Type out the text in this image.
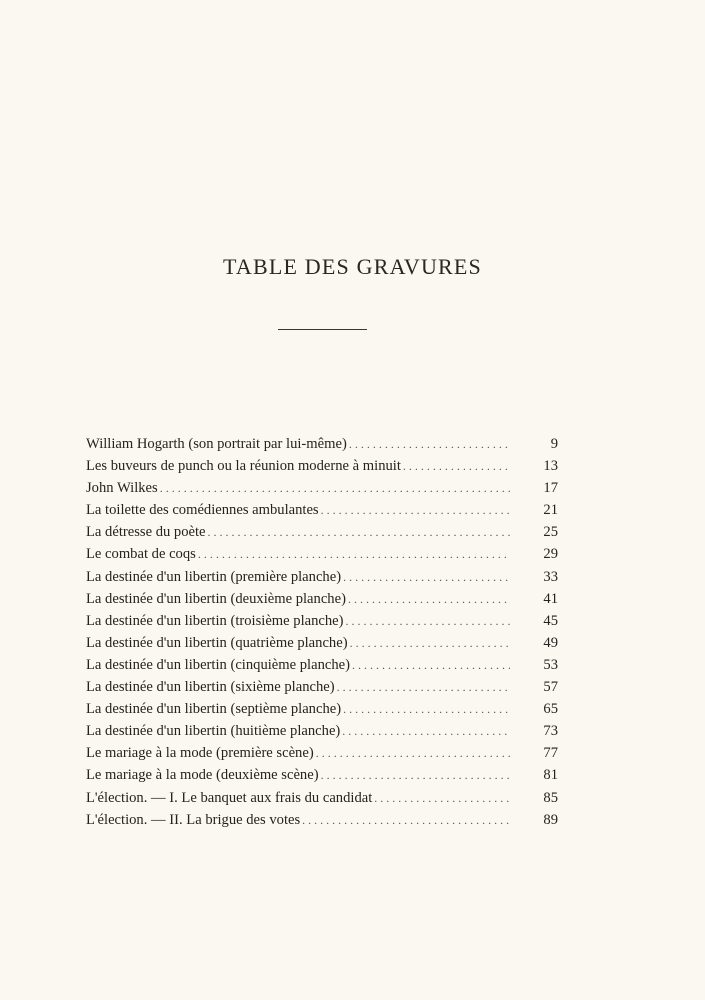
TABLE DES GRAVURES
William Hogarth (son portrait par lui-même) . . .	9
Les buveurs de punch ou la réunion moderne à minuit . . .	13
John Wilkes . . .	17
La toilette des comédiennes ambulantes . . .	21
La détresse du poète . . .	25
Le combat de coqs . . .	29
La destinée d'un libertin (première planche) . . .	33
La destinée d'un libertin (deuxième planche) . . .	41
La destinée d'un libertin (troisième planche) . . .	45
La destinée d'un libertin (quatrième planche) . . .	49
La destinée d'un libertin (cinquième planche) . . .	53
La destinée d'un libertin (sixième planche) . . .	57
La destinée d'un libertin (septième planche) . . .	65
La destinée d'un libertin (huitième planche) . . .	73
Le mariage à la mode (première scène) . . .	77
Le mariage à la mode (deuxième scène) . . .	81
L'élection. — I. Le banquet aux frais du candidat . . .	85
L'élection. — II. La brigue des votes . . .	89
